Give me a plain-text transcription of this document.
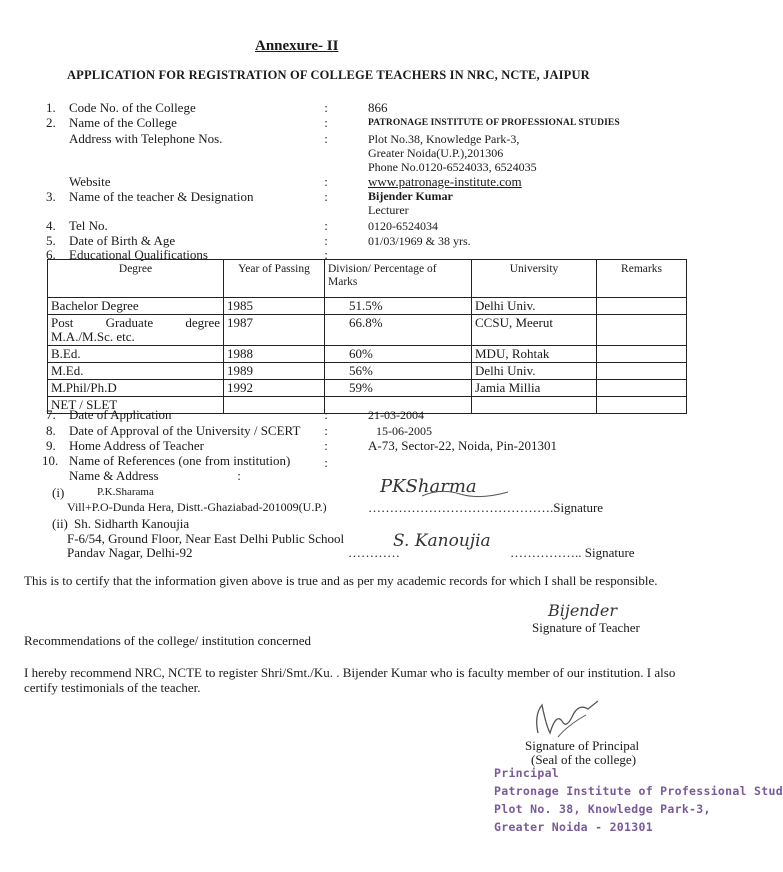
Annexure- II
APPLICATION FOR REGISTRATION OF COLLEGE TEACHERS IN NRC, NCTE, JAIPUR
1. Code No. of the College	:	866
2. Name of the College	:	PATRONAGE INSTITUTE OF PROFESSIONAL STUDIES
Address with Telephone Nos.	:	Plot No.38, Knowledge Park-3,
Greater Noida(U.P.),201306
Phone No.0120-6524033, 6524035
Website	:	www.patronage-institute.com
3. Name of the teacher & Designation	:	Bijender Kumar
Lecturer
4. Tel No.	:	0120-6524034
5. Date of Birth & Age	:	01/03/1969 & 38 yrs.
6. Educational Qualifications	:
Degree	Year of Passing	Division/ Percentage of Marks	University	Remarks
Bachelor Degree	1985	51.5%	Delhi Univ.	

Post Graduate degree
M.A./M.Sc. etc.	1987	66.8%	CCSU, Meerut	
B.Ed.	1988	60%	MDU, Rohtak	
M.Ed.	1989	56%	Delhi Univ.	
M.Phil/Ph.D	1992	59%	Jamia Millia	
NET / SLET				
7. Date of Application	:	21-03-2004
8. Date of Approval of the University / SCERT :	15-06-2005
9. Home Address of Teacher	:	A-73, Sector-22, Noida, Pin-201301
10. Name of References (one from institution)	:
Name & Address	:
(i)	P.K.Sharama
Vill+P.O-Dunda Hera, Distt.-Ghaziabad-201009(U.P.)	…………………………………….Signature
PKSharma
(ii) Sh. Sidharth Kanoujia
F-6/54, Ground Floor, Near East Delhi Public School
Pandav Nagar, Delhi-92	…………	…………….. Signature
S. Kanoujia
This is to certify that the information given above is true and as per my academic records for which I shall be responsible.
Bijender
Signature of Teacher
Recommendations of the college/ institution concerned
I hereby recommend NRC, NCTE to register Shri/Smt./Ku. . Bijender Kumar who is faculty member of our institution. I also certify testimonials of the teacher.
Signature of Principal
(Seal of the college)
Principal
Patronage Institute of Professional Stud
Plot No. 38, Knowledge Park-3,
Greater Noida - 201301
